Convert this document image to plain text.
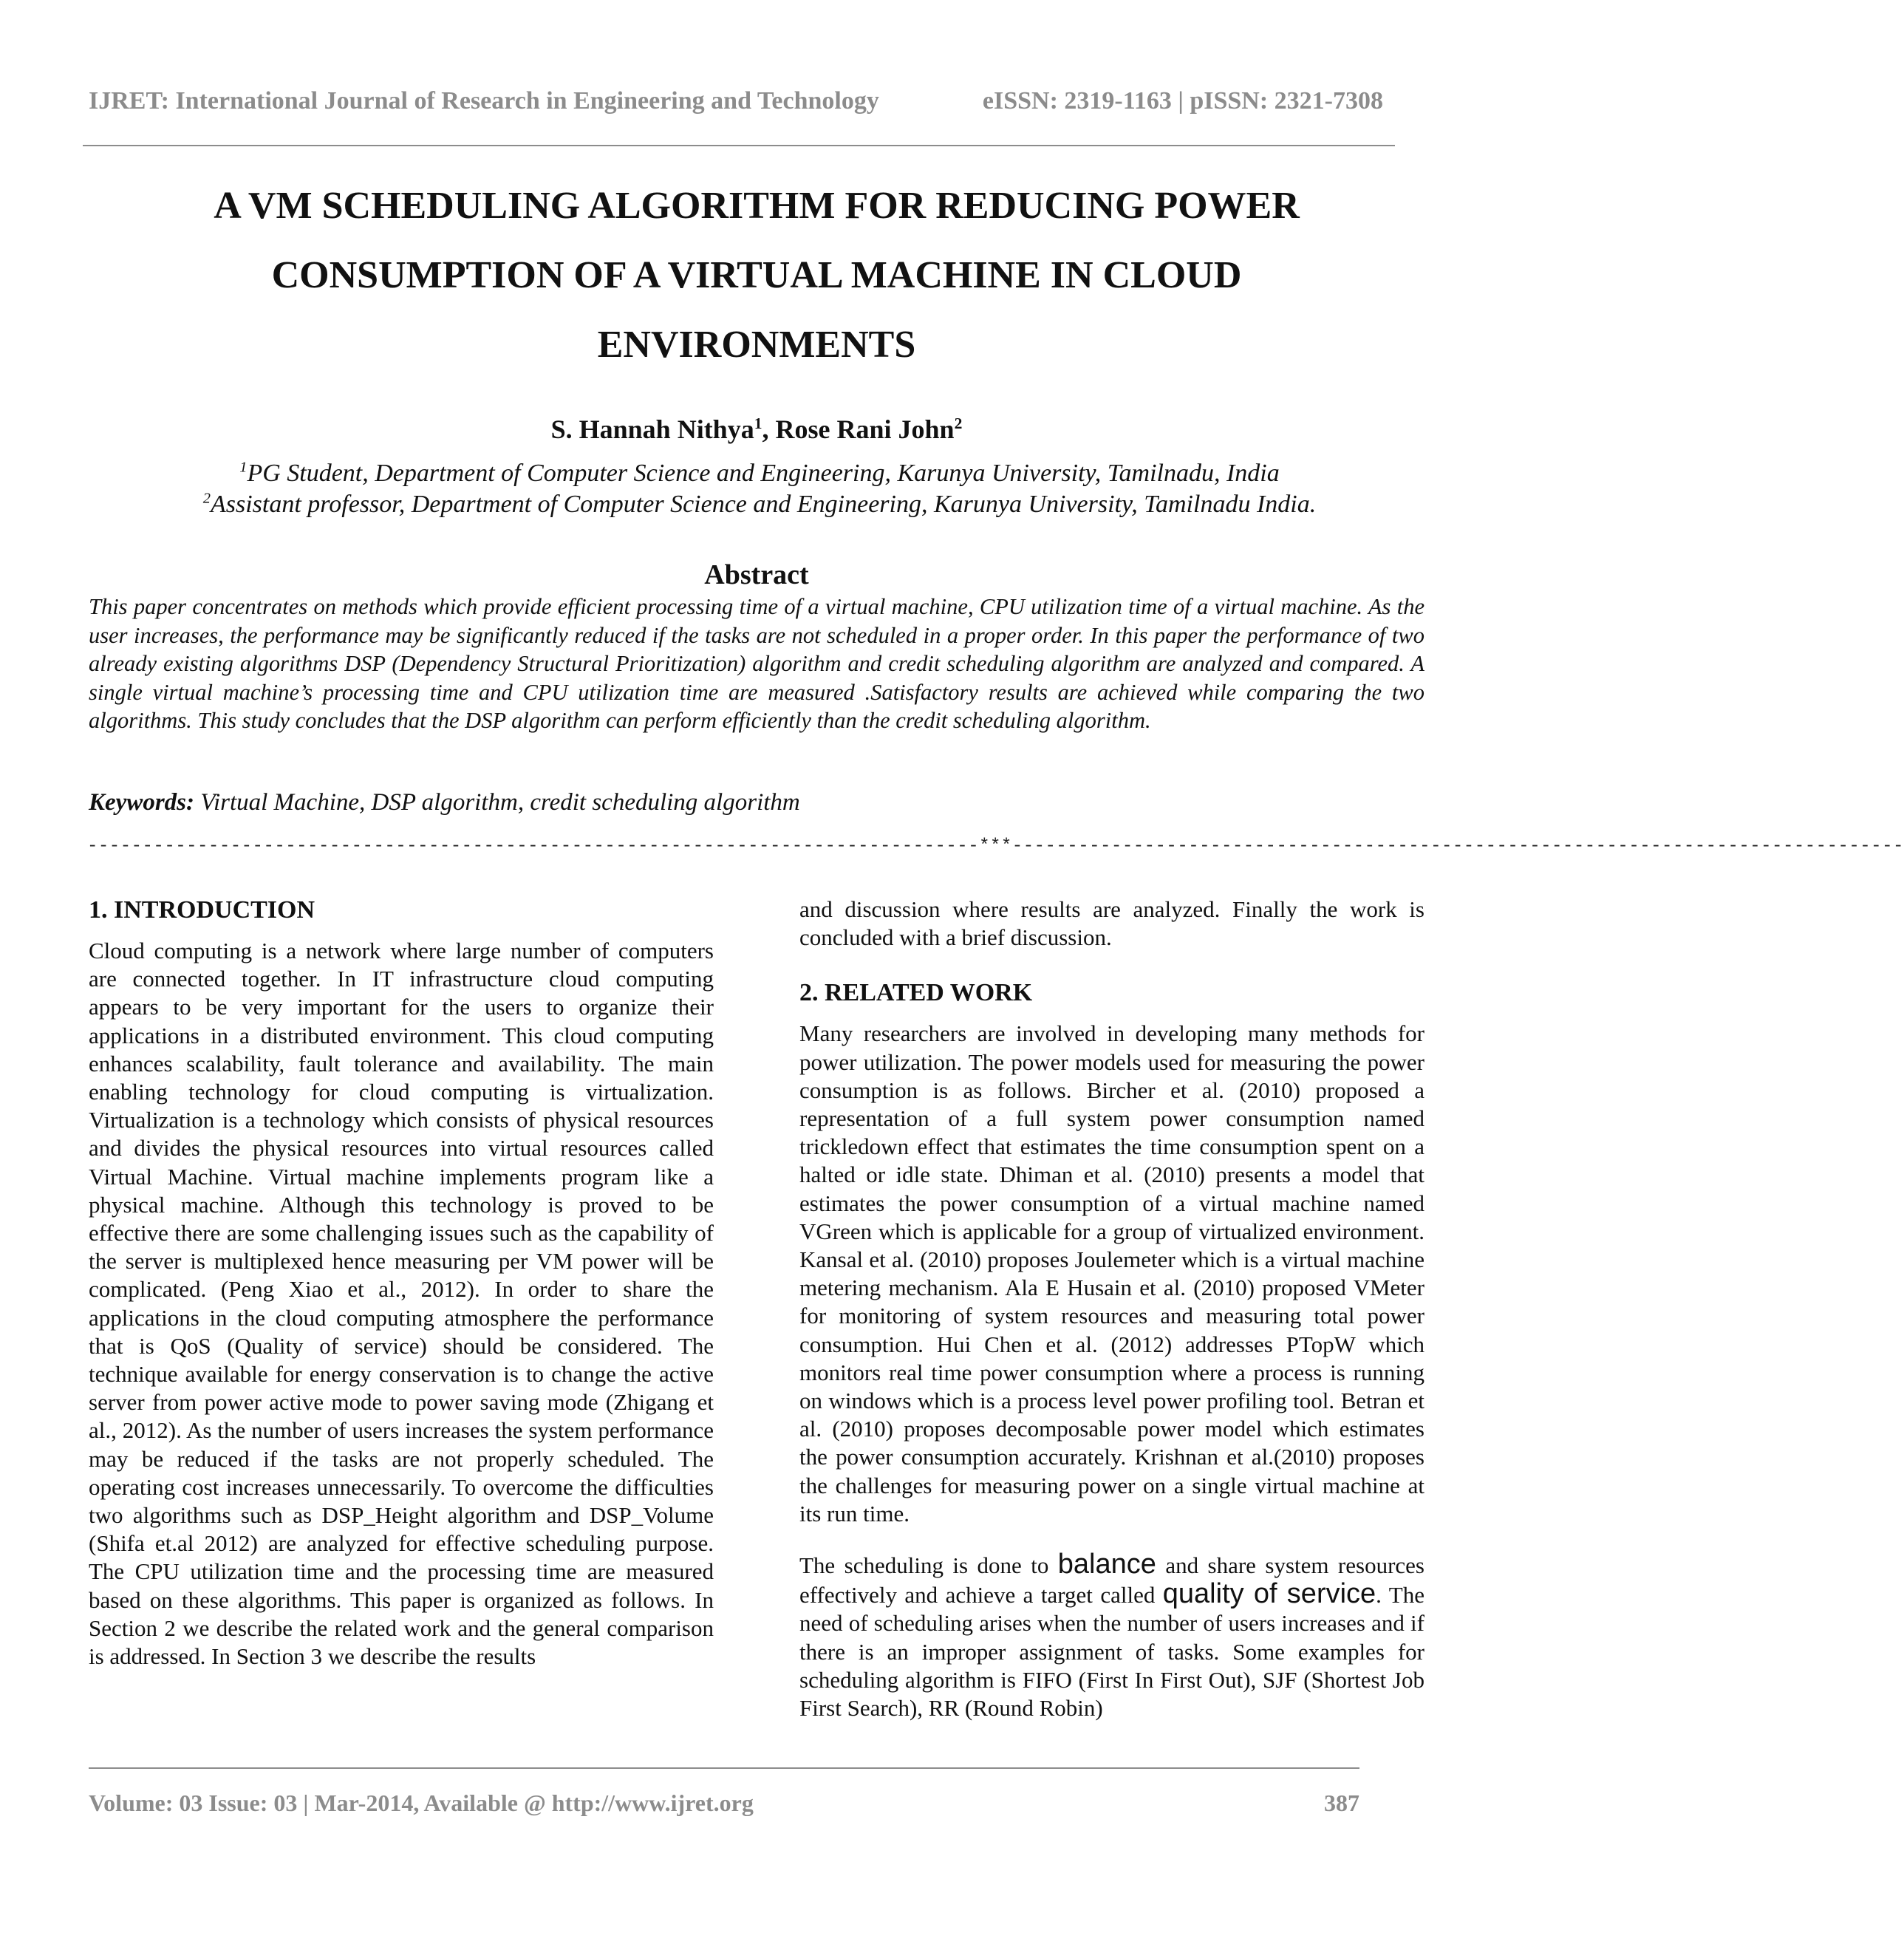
IJRET: International Journal of Research in Engineering and Technology	eISSN: 2319-1163 | pISSN: 2321-7308
A VM SCHEDULING ALGORITHM FOR REDUCING POWER CONSUMPTION OF A VIRTUAL MACHINE IN CLOUD ENVIRONMENTS
S. Hannah Nithya$^1$, Rose Rani John$^2$
$^1$PG Student, Department of Computer Science and Engineering, Karunya University, Tamilnadu, India
$^2$Assistant professor, Department of Computer Science and Engineering, Karunya University, Tamilnadu India.
Abstract
This paper concentrates on methods which provide efficient processing time of a virtual machine, CPU utilization time of a virtual machine. As the user increases, the performance may be significantly reduced if the tasks are not scheduled in a proper order. In this paper the performance of two already existing algorithms DSP (Dependency Structural Prioritization) algorithm and credit scheduling algorithm are analyzed and compared. A single virtual machine’s processing time and CPU utilization time are measured .Satisfactory results are achieved while comparing the two algorithms. This study concludes that the DSP algorithm can perform efficiently than the credit scheduling algorithm.
Keywords: Virtual Machine, DSP algorithm, credit scheduling algorithm
---------------------------------------------------------------------------------***---------------------------------------------------------------------------------
1. INTRODUCTION

Cloud computing is a network where large number of computers are connected together. In IT infrastructure cloud computing appears to be very important for the users to organize their applications in a distributed environment. This cloud computing enhances scalability, fault tolerance and availability. The main enabling technology for cloud computing is virtualization. Virtualization is a technology which consists of physical resources and divides the physical resources into virtual resources called Virtual Machine. Virtual machine implements program like a physical machine. Although this technology is proved to be effective there are some challenging issues such as the capability of the server is multiplexed hence measuring per VM power will be complicated. (Peng Xiao et al., 2012). In order to share the applications in the cloud computing atmosphere the performance that is QoS (Quality of service) should be considered. The technique available for energy conservation is to change the active server from power active mode to power saving mode (Zhigang et al., 2012). As the number of users increases the system performance may be reduced if the tasks are not properly scheduled. The operating cost increases unnecessarily. To overcome the difficulties two algorithms such as DSP_Height algorithm and DSP_Volume (Shifa et.al 2012) are analyzed for effective scheduling purpose. The CPU utilization time and the processing time are measured based on these algorithms. This paper is organized as follows. In Section 2 we describe the related work and the general comparison is addressed. In Section 3 we describe the results

and discussion where results are analyzed. Finally the work is concluded with a brief discussion.

2. RELATED WORK

Many researchers are involved in developing many methods for power utilization. The power models used for measuring the power consumption is as follows. Bircher et al. (2010) proposed a representation of a full system power consumption named trickledown effect that estimates the time consumption spent on a halted or idle state. Dhiman et al. (2010) presents a model that estimates the power consumption of a virtual machine named VGreen which is applicable for a group of virtualized environment. Kansal et al. (2010) proposes Joulemeter which is a virtual machine metering mechanism. Ala E Husain et al. (2010) proposed VMeter for monitoring of system resources and measuring total power consumption. Hui Chen et al. (2012) addresses PTopW which monitors real time power consumption where a process is running on windows which is a process level power profiling tool. Betran et al. (2010) proposes decomposable power model which estimates the power consumption accurately. Krishnan et al.(2010) proposes the challenges for measuring power on a single virtual machine at its run time.

The scheduling is done to balance and share system resources effectively and achieve a target called quality of service. The need of scheduling arises when the number of users increases and if there is an improper assignment of tasks. Some examples for scheduling algorithm is FIFO (First In First Out), SJF (Shortest Job First Search), RR (Round Robin)

Volume: 03 Issue: 03 | Mar-2014, Available @ http://www.ijret.org	387
